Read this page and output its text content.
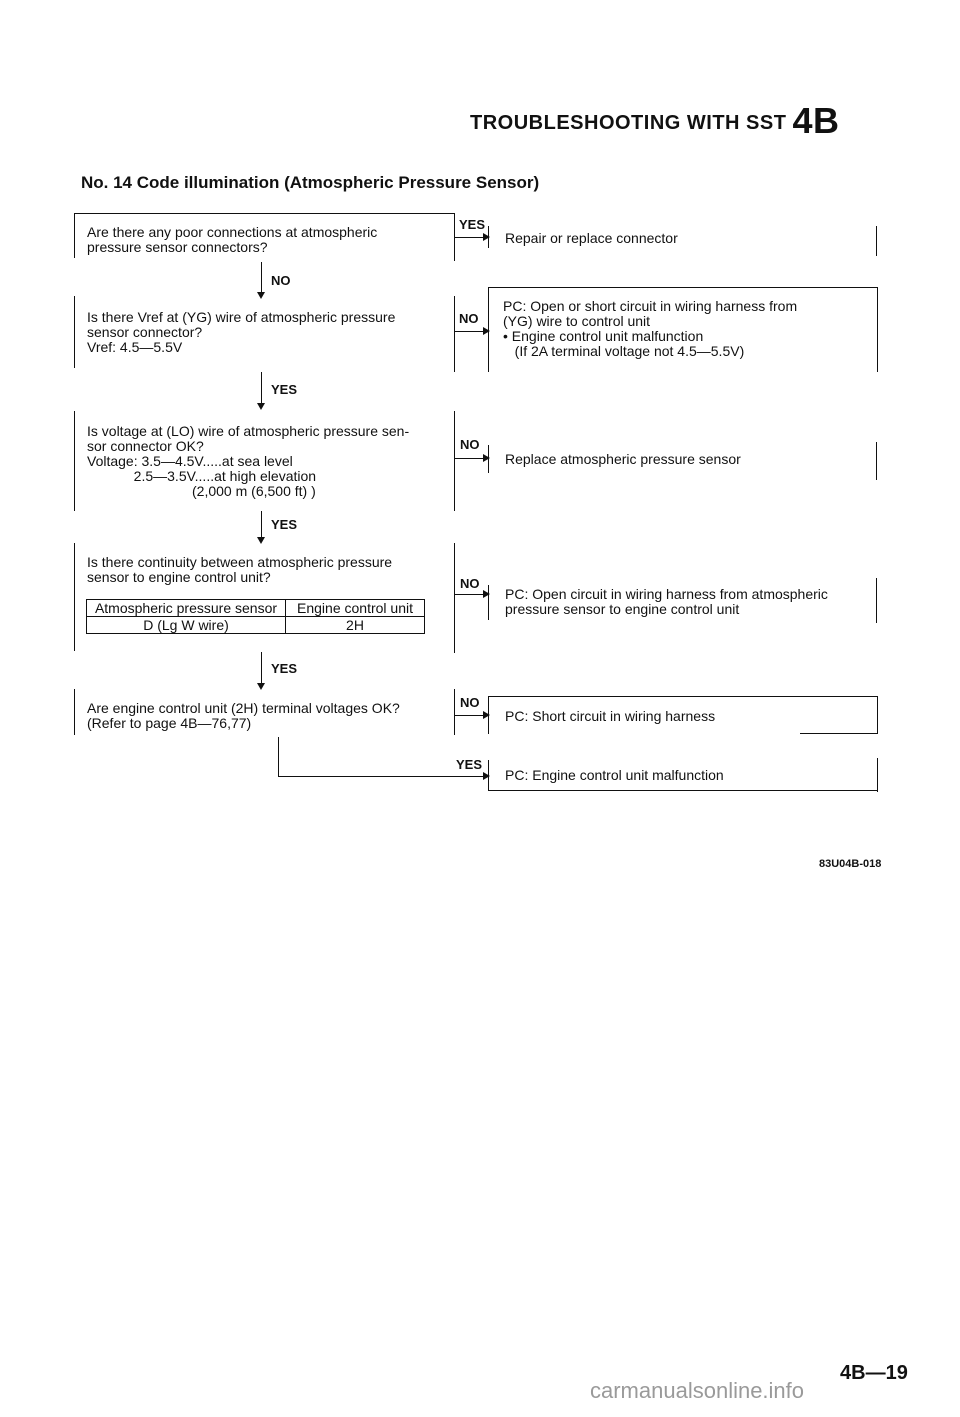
TROUBLESHOOTING WITH SST 4B
No. 14 Code illumination (Atmospheric Pressure Sensor)
Are there any poor connections at atmospheric
pressure sensor connectors?
YES
Repair or replace connector
NO
Is there Vref at (YG) wire of atmospheric pressure
sensor connector?
Vref: 4.5—5.5V
NO
PC: Open or short circuit in wiring harness from
(YG) wire to control unit
• Engine control unit malfunction
(If 2A terminal voltage not 4.5—5.5V)
YES
Is voltage at (LO) wire of atmospheric pressure sen-
sor connector OK?
Voltage: 3.5—4.5V.....at sea level
2.5—3.5V.....at high elevation
(2,000 m (6,500 ft) )
NO
Replace atmospheric pressure sensor
YES
Is there continuity between atmospheric pressure
sensor to engine control unit?
Atmospheric pressure sensor	Engine control unit
D (Lg W wire)	2H
NO
PC: Open circuit in wiring harness from atmospheric
pressure sensor to engine control unit
YES
Are engine control unit (2H) terminal voltages OK?
(Refer to page 4B—76,77)
NO
PC: Short circuit in wiring harness
YES
PC: Engine control unit malfunction
83U04B-018
4B—19
carmanualsonline.info
